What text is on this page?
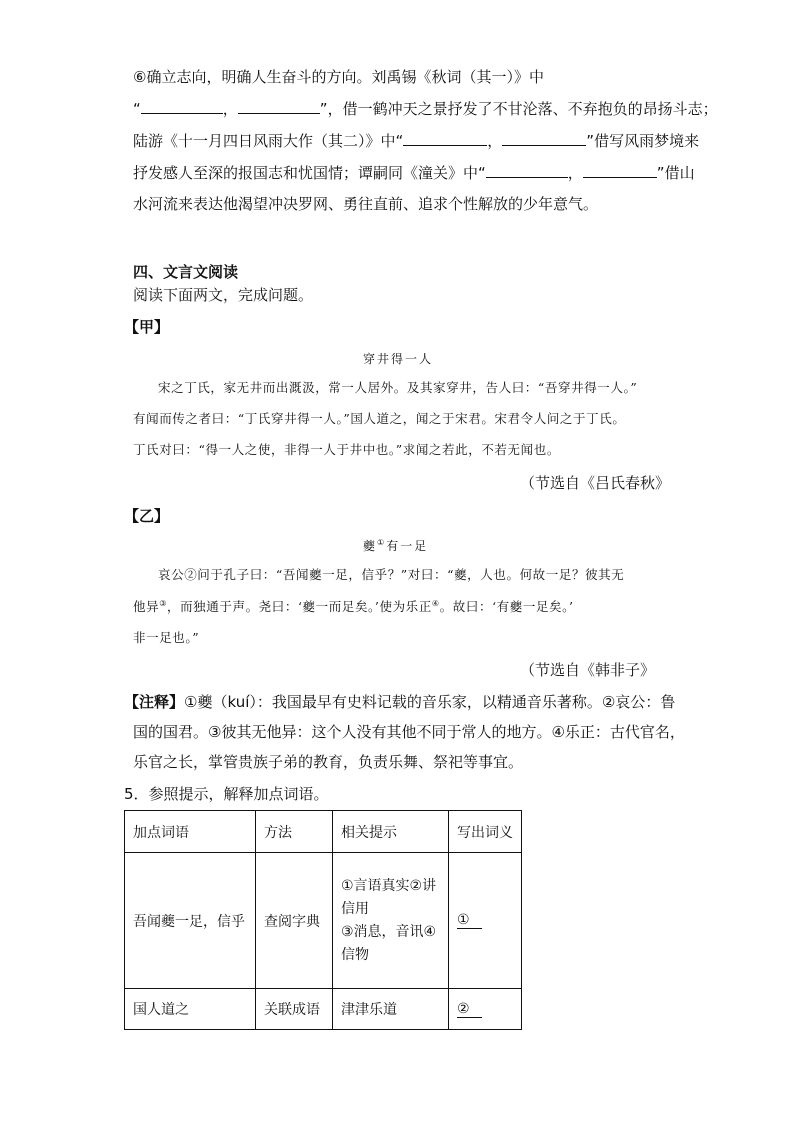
⑥确立志向，明确人生奋斗的方向。刘禹锡《秋词（其一）》中
“	，	”，借一鹤冲天之景抒发了不甘沦落、不弃抱负的昂扬斗志；
陆游《十一月四日风雨大作（其二）》中“	，	”借写风雨梦境来
抒发感人至深的报国志和忧国情；谭嗣同《潼关》中“	，	”借山
水河流来表达他渴望冲决罗网、勇往直前、追求个性解放的少年意气。
四、文言文阅读
阅读下面两文，完成问题。
【甲】
穿井得一人
宋之丁氏，家无井而出溉汲，常一人居外。及其家穿井，告人曰：“吾穿井得一人。”
有闻而传之者曰：“丁氏穿井得一人。”国人道之，闻之于宋君。宋君令人问之于丁氏。
丁氏对曰：“得一人之使，非得一人于井中也。”求闻之若此，不若无闻也。
（节选自《吕氏春秋》
【乙】
夔①有一足
哀公②问于孔子曰：“吾闻夔一足，信乎？”对曰：“夔，人也。何故一足？彼其无
他异③，而独通于声。尧曰：‘夔一而足矣。’使为乐正④。故曰：‘有夔一足矣。’
非一足也。”
（节选自《韩非子》
【注释】①夔（kuí）：我国最早有史料记载的音乐家，以精通音乐著称。②哀公：鲁
国的国君。③彼其无他异：这个人没有其他不同于常人的地方。④乐正：古代官名，
乐官之长，掌管贵族子弟的教育，负责乐舞、祭祀等事宜。
5．参照提示，解释加点词语。
加点词语	方法	相关提示	写出词义
吾闻夔一足，信乎	查阅字典	①言语真实②讲
信用
③消息，音讯④
信物	①
国人道之	关联成语	津津乐道	②
